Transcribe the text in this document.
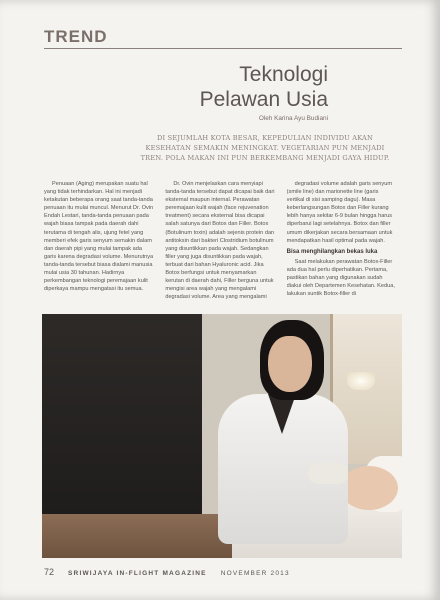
TREND
Teknologi
Pelawan Usia
Oleh Karina Ayu Budiani
DI SEJUMLAH KOTA BESAR, KEPEDULIAN INDIVIDU AKAN KESEHATAN SEMAKIN MENINGKAT. VEGETARIAN PUN MENJADI TREN. POLA MAKAN INI PUN BERKEMBANG MENJADI GAYA HIDUP.

Penuaan (Aging) merupakan suatu hal yang tidak terhindarkan. Hal ini menjadi ketakutan beberapa orang saat tanda-tanda penuaan itu mulai muncul. Menurut Dr. Ovin Endah Lestari, tanda-tanda penuaan pada wajah biasa tampak pada daerah dahi terutama di tengah alis, ujung fetel yang memberi efek garis senyum semakin dalam dan daerah pipi yang mulai tampak ada garis karena degradasi volume. Menurutnya tanda-tanda tersebut biasa dialami manusia mulai usia 30 tahunan. Hadirnya perkembangan teknologi peremajaan kulit diperkaya mampu mengatasi itu semua.

Dr. Ovin menjelaskan cara menyiapi tanda-tanda tersebut dapat dicapai baik dari eksternal maupun internal. Perawatan peremajaan kulit wajah (face rejuvenation treatment) secara eksternal bisa dicapai salah satunya dari Botox dan Filler. Botox (Botulinum toxin) adalah sejenis protein dan antitoksin dari bakteri Clostridium botulinum yang disuntikkan pada wajah. Sedangkan filler yang juga disuntikkan pada wajah, terbuat dari bahan Hyaluronic acid. Jika Botox berfungsi untuk menyamarkan kerutan di daerah dahi, Filler berguna untuk mengisi area wajah yang mengalami degradasi volume. Area yang mengalami

degradasi volume adalah garis senyum (smile line) dan marionette line (garis vertikal di sisi samping dagu). Masa keberlangsungan Botox dan Filler kurang lebih hanya sekitar 6-9 bulan hingga harus diperbarui lagi setelahnya. Botox dan filler umum dikerjakan secara bersamaan untuk mendapatkan hasil optimal pada wajah.

Bisa menghilangkan bekas luka

Saat melakukan perawatan Botox-Filler ada dua hal perlu diperhatikan. Pertama, pastikan bahan yang digunakan sudah diakui oleh Departemen Kesehatan. Kedua, lakukan suntik Botox-filler di

72 SRIWIJAYA IN-FLIGHT MAGAZINE NOVEMBER 2013
